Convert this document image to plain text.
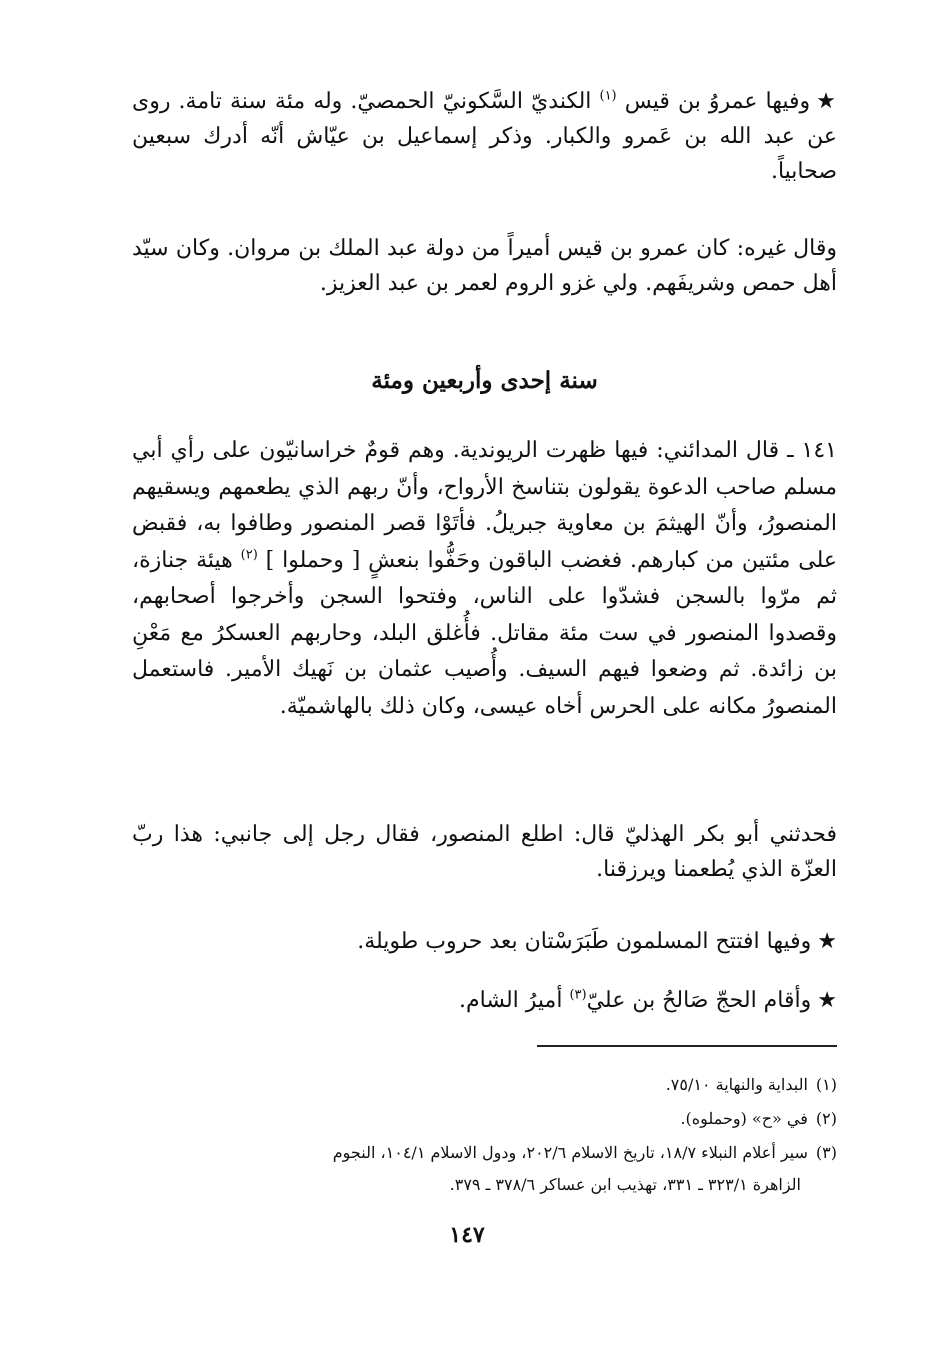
★وفيها عمروُ بن قيس $^{(١)}$ الكنديّ السَّكونيّ الحمصيّ. وله مئة سنة تامة. روى عن عبد الله بن عَمرو والكبار. وذكر إسماعيل بن عيّاش أنّه أدرك سبعين صحابياً.

وقال غيره: كان عمرو بن قيس أميراً من دولة عبد الملك بن مروان. وكان سيّد أهل حمص وشريفَهم. ولي غزو الروم لعمر بن عبد العزيز.

سنة إحدى وأربعين ومئة

١٤١ ـ قال المدائني: فيها ظهرت الريوندية. وهم قومٌ خراسانيّون على رأي أبي مسلم صاحب الدعوة يقولون بتناسخ الأرواح، وأنّ ربهم الذي يطعمهم ويسقيهم المنصورُ، وأنّ الهيثمَ بن معاوية جبريلُ. فأتَوْا قصر المنصور وطافوا به، فقبض على مئتين من كبارهم. فغضب الباقون وحَفُّوا بنعشٍ [ وحملوا ] $^{(٢)}$ هيئة جنازة، ثم مرّوا بالسجن فشدّوا على الناس، وفتحوا السجن وأخرجوا أصحابهم، وقصدوا المنصور في ست مئة مقاتل. فأُغلق البلد، وحاربهم العسكرُ مع مَعْنِ بن زائدة. ثم وضعوا فيهم السيف. وأُصيب عثمان بن نَهيك الأمير. فاستعمل المنصورُ مكانه على الحرس أخاه عيسى، وكان ذلك بالهاشميّة.

فحدثني أبو بكر الهذليّ قال: اطلع المنصور، فقال رجل إلى جانبي: هذا ربّ العزّة الذي يُطعمنا ويرزقنا.

★وفيها افتتح المسلمون طَبَرَسْتان بعد حروب طويلة.

★وأقام الحجّ صَالحُ بن عليّ$^{(٣)}$ أميرُ الشام.

(١)البداية والنهاية ٧٥/١٠.

(٢)في «ح» (وحملوه).

(٣)سير أعلام النبلاء ١٨/٧، تاريخ الاسلام ٢٠٢/٦، ودول الاسلام ١٠٤/١، النجوم
الزاهرة ٣٢٣/١ ـ ٣٣١، تهذيب ابن عساكر ٣٧٨/٦ ـ ٣٧٩.

١٤٧
